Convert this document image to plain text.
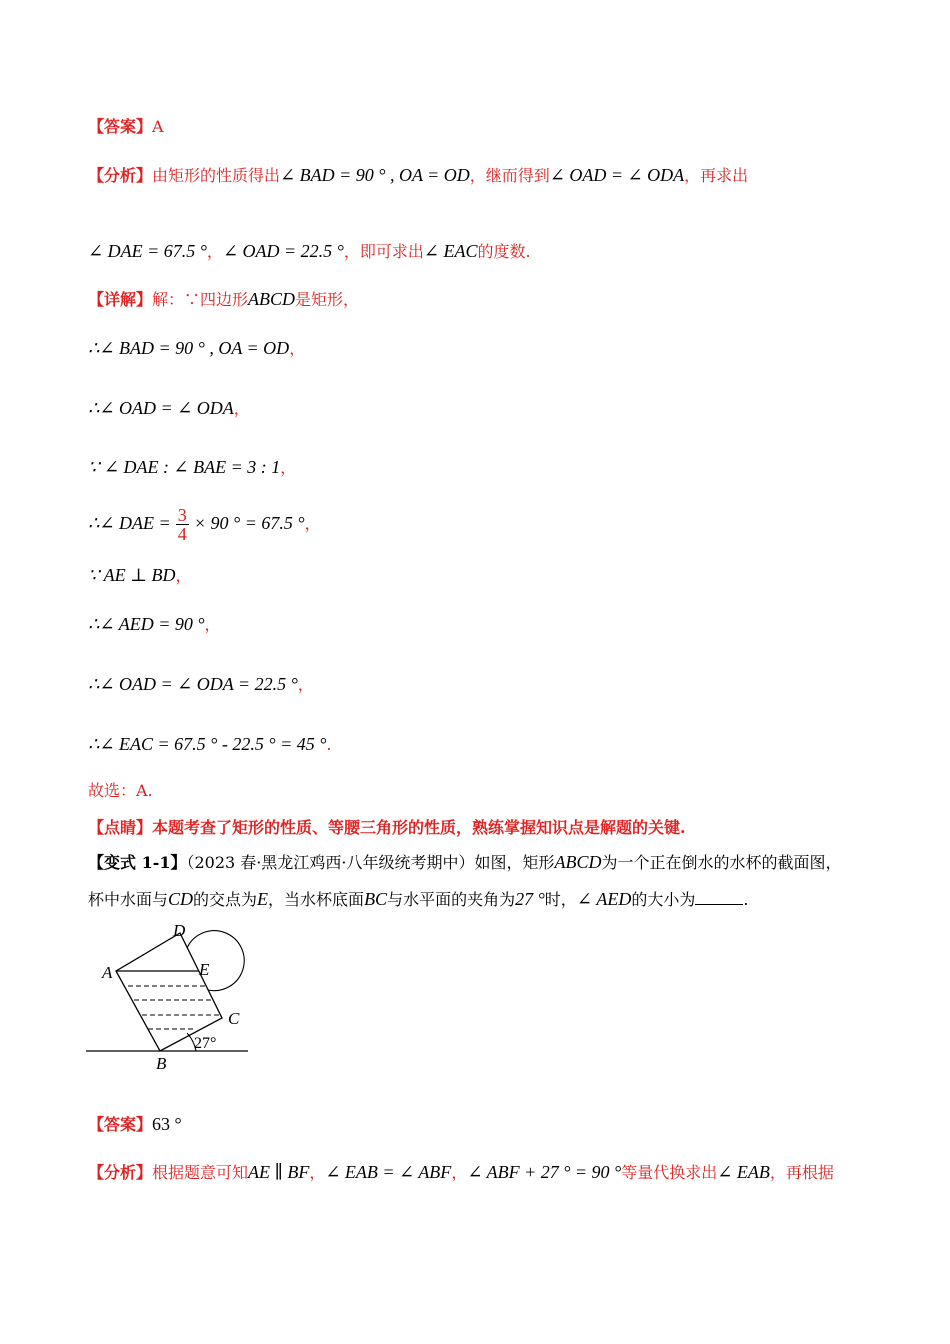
【答案】A
【分析】由矩形的性质得出∠ BAD = 90 ° , OA = OD，继而得到∠ OAD = ∠ ODA，再求出
∠ DAE = 67.5 °，∠ OAD = 22.5 °，即可求出∠ EAC的度数.
【详解】解：∵四边形ABCD是矩形，
∴∠ BAD = 90 ° , OA = OD，
∴∠ OAD = ∠ ODA，
∵ ∠ DAE : ∠ BAE = 3 : 1，
∴∠ DAE = $\frac{3}{4} \times 90$ ° = 67.5 °，
∵ AE ⊥ BD，
∴∠ AED = 90 °，
∴∠ OAD = ∠ ODA = 22.5 °，
∴∠ EAC = 67.5 ° - 22.5 ° = 45 °.
故选：A.
【点睛】本题考查了矩形的性质、等腰三角形的性质，熟练掌握知识点是解题的关键.
【变式 1-1】（2023 春·黑龙江鸡西·八年级统考期中）如图，矩形ABCD为一个正在倒水的水杯的截面图，
杯中水面与CD的交点为E，当水杯底面BC与水平面的夹角为27 °时，∠ AED的大小为	.
A
D
E
C
B
27°
【答案】63 °
【分析】根据题意可知AE ∥ BF，∠ EAB = ∠ ABF，∠ ABF + 27 ° = 90 °等量代换求出∠ EAB，再根据
